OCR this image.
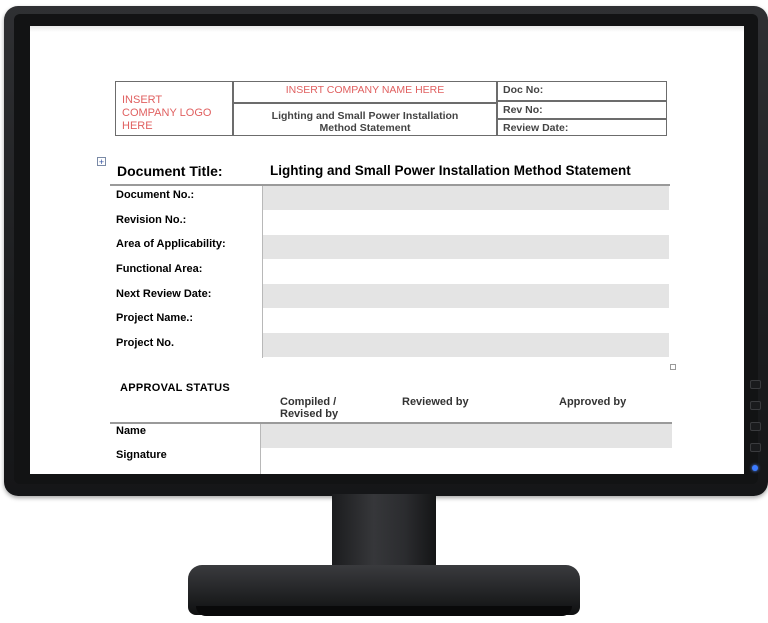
INSERT
COMPANY LOGO
HERE
INSERT COMPANY NAME HERE
Lighting and Small Power Installation
Method Statement
Doc No:
Rev No:
Review Date:
+
Document Title:	Lighting and Small Power Installation Method Statement
Document No.:
Revision No.:
Area of Applicability:
Functional Area:
Next Review Date:
Project Name.:
Project No.
APPROVAL STATUS
Compiled /
Revised by
Reviewed by	Approved by
Name
Signature
